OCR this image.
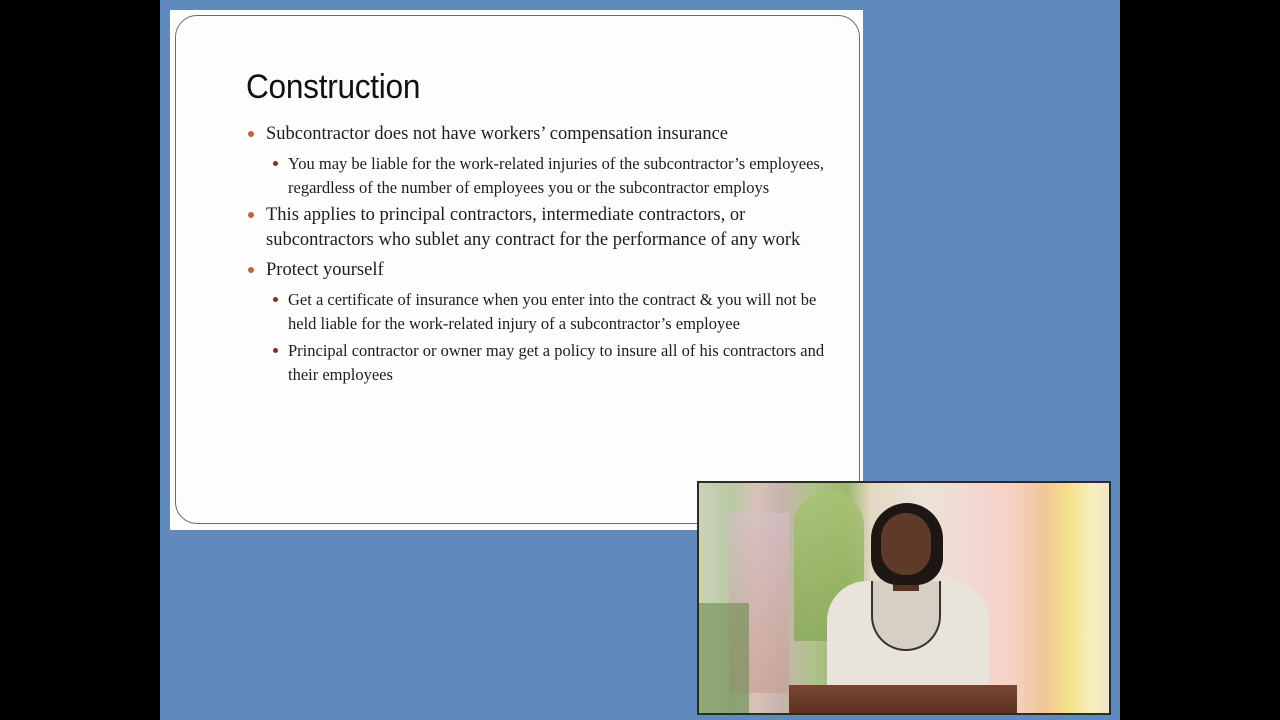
Construction
Subcontractor does not have workers’ compensation insurance
You may be liable for the work-related injuries of the subcontractor’s employees, regardless of the number of employees you or the subcontractor employs
This applies to principal contractors, intermediate contractors, or subcontractors who sublet any contract for the performance of any work
Protect yourself
Get a certificate of insurance when you enter into the contract & you will not be held liable for the work-related injury of a subcontractor’s employee
Principal contractor or owner may get a policy to insure all of his contractors and their employees
